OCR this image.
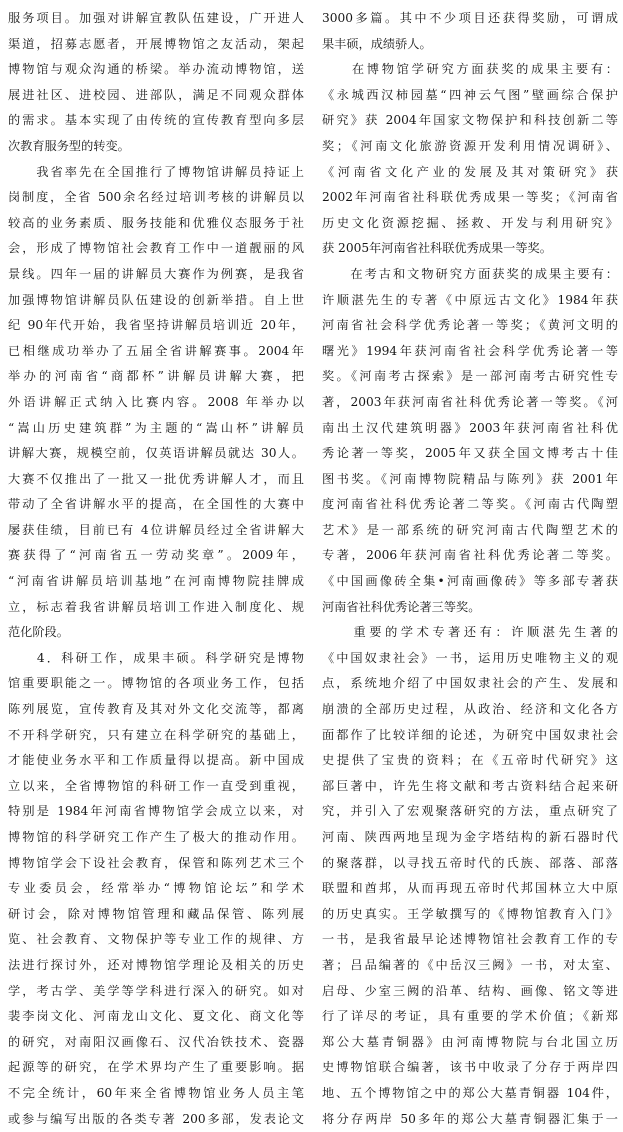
服务项目。加强对讲解宣教队伍建设，广开进人
渠道，招募志愿者，开展博物馆之友活动，架起
博物馆与观众沟通的桥梁。举办流动博物馆，送
展进社区、进校园、进部队，满足不同观众群体
的需求。基本实现了由传统的宣传教育型向多层
次教育服务型的转变。
　　我省率先在全国推行了博物馆讲解员持证上
岗制度，全省 500余名经过培训考核的讲解员以
较高的业务素质、服务技能和优雅仪态服务于社
会，形成了博物馆社会教育工作中一道靓丽的风
景线。四年一届的讲解员大赛作为例赛，是我省
加强博物馆讲解员队伍建设的创新举措。自上世
纪 90年代开始，我省坚持讲解员培训近 20年，
已相继成功举办了五届全省讲解赛事。2004年
举办的河南省“商都杯”讲解员讲解大赛，把
外语讲解正式纳入比赛内容。2008 年举办以
“嵩山历史建筑群”为主题的“嵩山杯”讲解员
讲解大赛，规模空前，仅英语讲解员就达 30人。
大赛不仅推出了一批又一批优秀讲解人才，而且
带动了全省讲解水平的提高，在全国性的大赛中
屡获佳绩，目前已有 4位讲解员经过全省讲解大
赛获得了“河南省五一劳动奖章”。2009年，
“河南省讲解员培训基地”在河南博物院挂牌成
立，标志着我省讲解员培训工作进入制度化、规
范化阶段。
　　4．科研工作，成果丰硕。科学研究是博物
馆重要职能之一。博物馆的各项业务工作，包括
陈列展览，宣传教育及其对外文化交流等，都离
不开科学研究，只有建立在科学研究的基础上，
才能使业务水平和工作质量得以提高。新中国成
立以来，全省博物馆的科研工作一直受到重视，
特别是 1984年河南省博物馆学会成立以来，对
博物馆的科学研究工作产生了极大的推动作用。
博物馆学会下设社会教育，保管和陈列艺术三个
专业委员会，经常举办“博物馆论坛”和学术
研讨会，除对博物馆管理和藏品保管、陈列展
览、社会教育、文物保护等专业工作的规律、方
法进行探讨外，还对博物馆学理论及相关的历史
学，考古学、美学等学科进行深入的研究。如对
裴李岗文化、河南龙山文化、夏文化、商文化等
的研究，对南阳汉画像石、汉代冶铁技术、瓷器
起源等的研究，在学术界均产生了重要影响。据
不完全统计，60年来全省博物馆业务人员主笔
或参与编写出版的各类专著 200多部，发表论文
3000多篇。其中不少项目还获得奖励，可谓成
果丰硕，成绩骄人。
　　在博物馆学研究方面获奖的成果主要有：
《永城西汉柿园墓“四神云气图”壁画综合保护
研究》获 2004年国家文物保护和科技创新二等
奖；《河南文化旅游资源开发利用情况调研》、
《河南省文化产业的发展及其对策研究》获
2002年河南省社科联优秀成果一等奖；《河南省
历史文化资源挖掘、拯救、开发与利用研究》
获 2005年河南省社科联优秀成果一等奖。
　　在考古和文物研究方面获奖的成果主要有：
许顺湛先生的专著《中原远古文化》1984年获
河南省社会科学优秀论著一等奖；《黄河文明的
曙光》1994年获河南省社会科学优秀论著一等
奖。《河南考古探索》是一部河南考古研究性专
著，2003年获河南省社科优秀论著一等奖。《河
南出土汉代建筑明器》2003年获河南省社科优
秀论著一等奖，2005年又获全国文博考古十佳
图书奖。《河南博物院精品与陈列》获 2001年
度河南省社科优秀论著二等奖。《河南古代陶塑
艺术》是一部系统的研究河南古代陶塑艺术的
专著，2006年获河南省社科优秀论著二等奖。
《中国画像砖全集•河南画像砖》等多部专著获
河南省社科优秀论著三等奖。
　　重要的学术专著还有：许顺湛先生著的
《中国奴隶社会》一书，运用历史唯物主义的观
点，系统地介绍了中国奴隶社会的产生、发展和
崩溃的全部历史过程，从政治、经济和文化各方
面都作了比较详细的论述，为研究中国奴隶社会
史提供了宝贵的资料；在《五帝时代研究》这
部巨著中，许先生将文献和考古资料结合起来研
究，并引入了宏观聚落研究的方法，重点研究了
河南、陕西两地呈现为金字塔结构的新石器时代
的聚落群，以寻找五帝时代的氏族、部落、部落
联盟和酋邦，从而再现五帝时代邦国林立大中原
的历史真实。王学敏撰写的《博物馆教育入门》
一书，是我省最早论述博物馆社会教育工作的专
著；吕品编著的《中岳汉三阙》一书，对太室、
启母、少室三阙的沿革、结构、画像、铭文等进
行了详尽的考证，具有重要的学术价值；《新郑
郑公大墓青铜器》由河南博物院与台北国立历
史博物馆联合编著，该书中收录了分存于两岸四
地、五个博物馆之中的郑公大墓青铜器 104件，
将分存两岸 50多年的郑公大墓青铜器汇集于一
